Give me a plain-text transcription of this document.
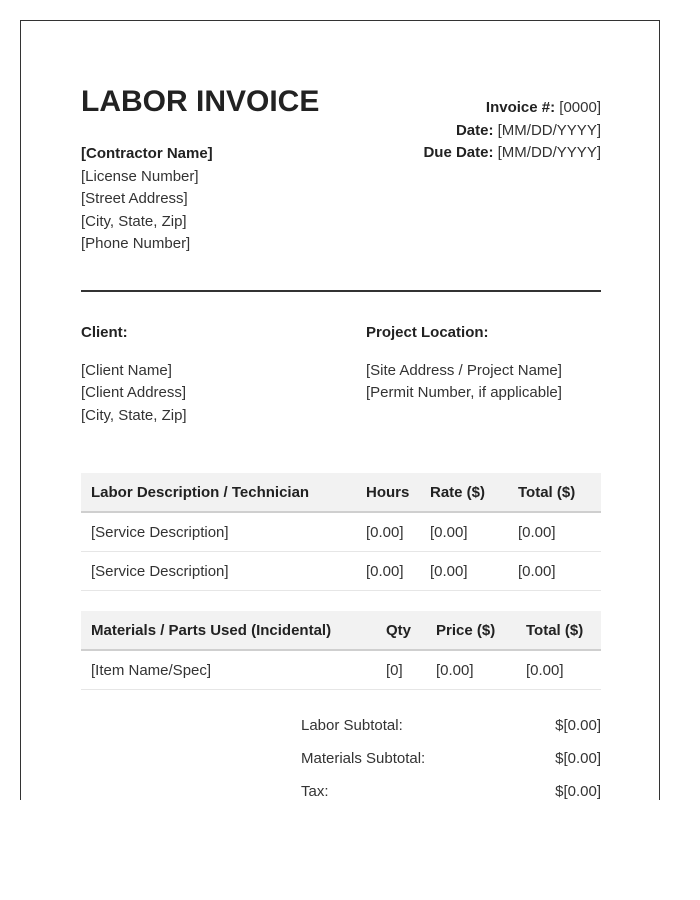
LABOR INVOICE
[Contractor Name]
[License Number]
[Street Address]
[City, State, Zip]
[Phone Number]
Invoice #: [0000]
Date: [MM/DD/YYYY]
Due Date: [MM/DD/YYYY]
Client:
[Client Name]
[Client Address]
[City, State, Zip]
Project Location:
[Site Address / Project Name]
[Permit Number, if applicable]
Labor Description / Technician	Hours	Rate ($)	Total ($)
[Service Description]	[0.00]	[0.00]	[0.00]
[Service Description]	[0.00]	[0.00]	[0.00]
Materials / Parts Used (Incidental)	Qty	Price ($)	Total ($)
[Item Name/Spec]	[0]	[0.00]	[0.00]
Labor Subtotal:	$[0.00]
Materials Subtotal:	$[0.00]
Tax:	$[0.00]
